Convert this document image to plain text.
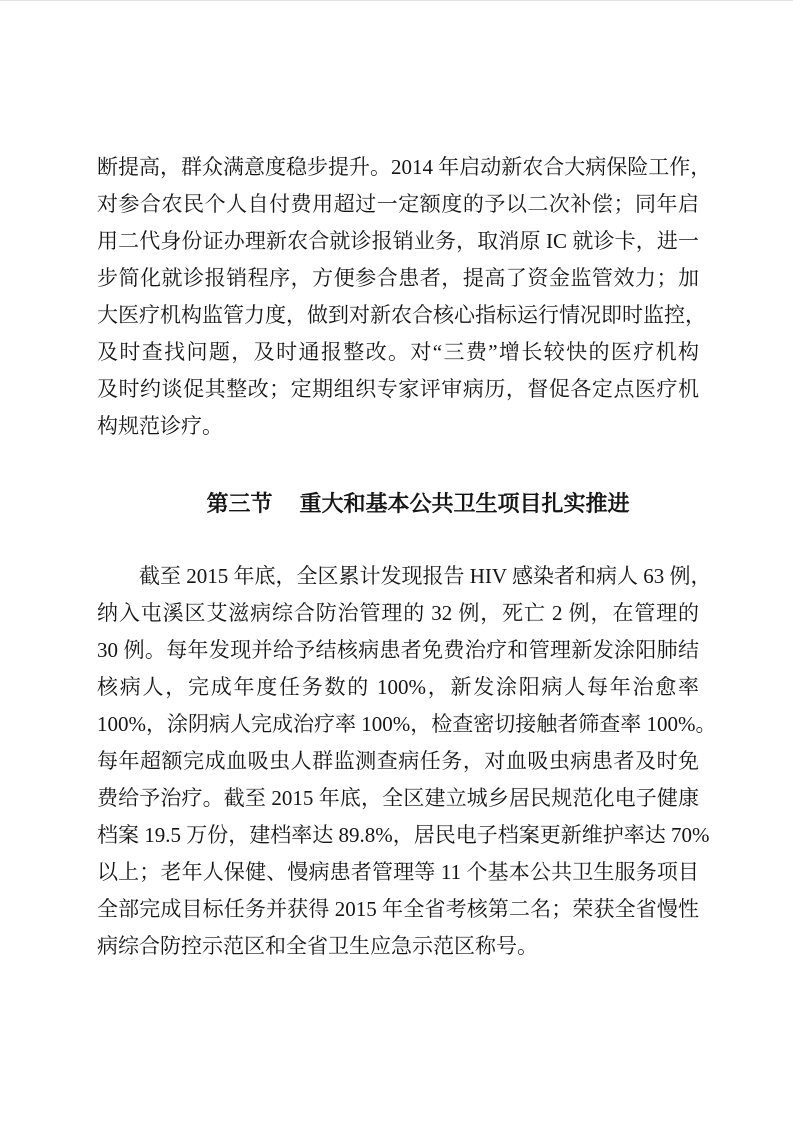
断提高，群众满意度稳步提升。2014 年启动新农合大病保险工作，
对参合农民个人自付费用超过一定额度的予以二次补偿；同年启
用二代身份证办理新农合就诊报销业务，取消原 IC 就诊卡，进一
步简化就诊报销程序，方便参合患者，提高了资金监管效力；加
大医疗机构监管力度，做到对新农合核心指标运行情况即时监控，
及时查找问题，及时通报整改。对“三费”增长较快的医疗机构
及时约谈促其整改；定期组织专家评审病历，督促各定点医疗机
构规范诊疗。
第三节 重大和基本公共卫生项目扎实推进
　　截至 2015 年底，全区累计发现报告 HIV 感染者和病人 63 例，
纳入屯溪区艾滋病综合防治管理的 32 例，死亡 2 例，在管理的
30 例。每年发现并给予结核病患者免费治疗和管理新发涂阳肺结
核病人，完成年度任务数的 100%，新发涂阳病人每年治愈率
100%，涂阴病人完成治疗率 100%，检查密切接触者筛查率 100%。
每年超额完成血吸虫人群监测查病任务，对血吸虫病患者及时免
费给予治疗。截至 2015 年底，全区建立城乡居民规范化电子健康
档案 19.5 万份，建档率达 89.8%，居民电子档案更新维护率达 70%
以上；老年人保健、慢病患者管理等 11 个基本公共卫生服务项目
全部完成目标任务并获得 2015 年全省考核第二名；荣获全省慢性
病综合防控示范区和全省卫生应急示范区称号。
